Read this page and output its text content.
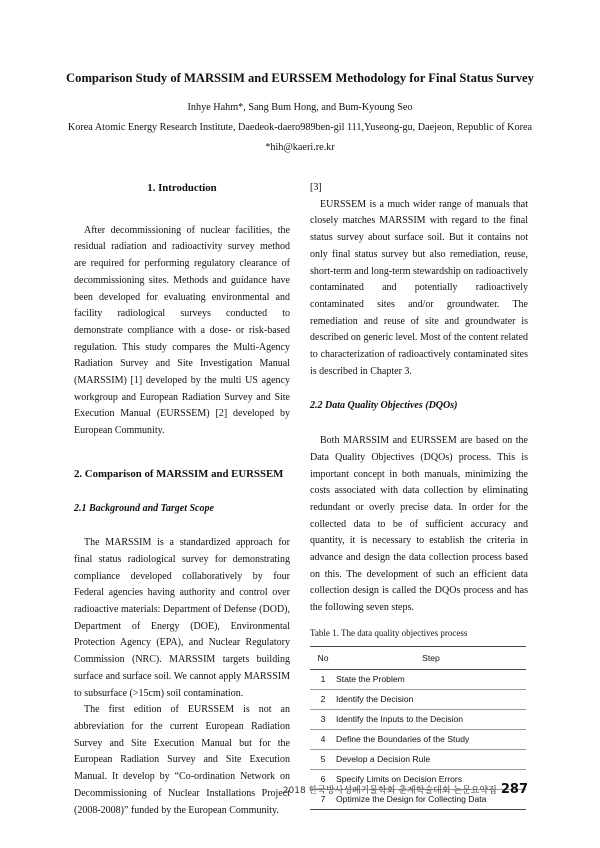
Comparison Study of MARSSIM and EURSSEM Methodology for Final Status Survey
Inhye Hahm*, Sang Bum Hong, and Bum-Kyoung Seo
Korea Atomic Energy Research Institute, Daedeok-daero989ben-gil 111,Yuseong-gu, Daejeon, Republic of Korea
*hih@kaeri.re.kr
1. Introduction

After decommissioning of nuclear facilities, the residual radiation and radioactivity survey method are required for performing regulatory clearance of decommissioning sites. Methods and guidance have been developed for evaluating environmental and facility radiological surveys conducted to demonstrate compliance with a dose- or risk-based regulation. This study compares the Multi-Agency Radiation Survey and Site Investigation Manual (MARSSIM) [1] developed by the multi US agency workgroup and European Radiation Survey and Site Execution Manual (EURSSEM) [2] developed by European Community.

2. Comparison of MARSSIM and EURSSEM
2.1 Background and Target Scope

The MARSSIM is a standardized approach for final status radiological survey for demonstrating compliance developed collaboratively by four Federal agencies having authority and control over radioactive materials: Department of Defense (DOD), Department of Energy (DOE), Environmental Protection Agency (EPA), and Nuclear Regulatory Commission (NRC). MARSSIM targets building surface and surface soil. We cannot apply MARSSIM to subsurface (>15cm) soil contamination.

The first edition of EURSSEM is not an abbreviation for the current European Radiation Survey and Site Execution Manual but for the European Radiation Survey and Site Execution Manual. It develop by “Co-ordination Network on Decommissioning of Nuclear Installations Project (2008-2008)” funded by the European Community.

[3]

EURSSEM is a much wider range of manuals that closely matches MARSSIM with regard to the final status survey about surface soil. But it contains not only final status survey but also remediation, reuse, short-term and long-term stewardship on radioactively contaminated and potentially radioactively contaminated sites and/or groundwater. The remediation and reuse of site and groundwater is described on generic level. Most of the content related to characterization of radioactively contaminated sites is described in Chapter 3.

2.2 Data Quality Objectives (DQOs)

Both MARSSIM and EURSSEM are based on the Data Quality Objectives (DQOs) process. This is important concept in both manuals, minimizing the costs associated with data collection by eliminating redundant or overly precise data. In order for the collected data to be of sufficient accuracy and quantity, it is necessary to establish the criteria in advance and design the data collection process based on this. The development of such an efficient data collection design is called the DQOs process and has the following seven steps.

Table 1. The data quality objectives process

No	Step
1	State the Problem
2	Identify the Decision
3	Identify the Inputs to the Decision
4	Define the Boundaries of the Study
5	Develop a Decision Rule
6	Specify Limits on Decision Errors
7	Optimize the Design for Collecting Data
2018 한국방사성폐기물학회 춘계학술대회 논문요약집 287
